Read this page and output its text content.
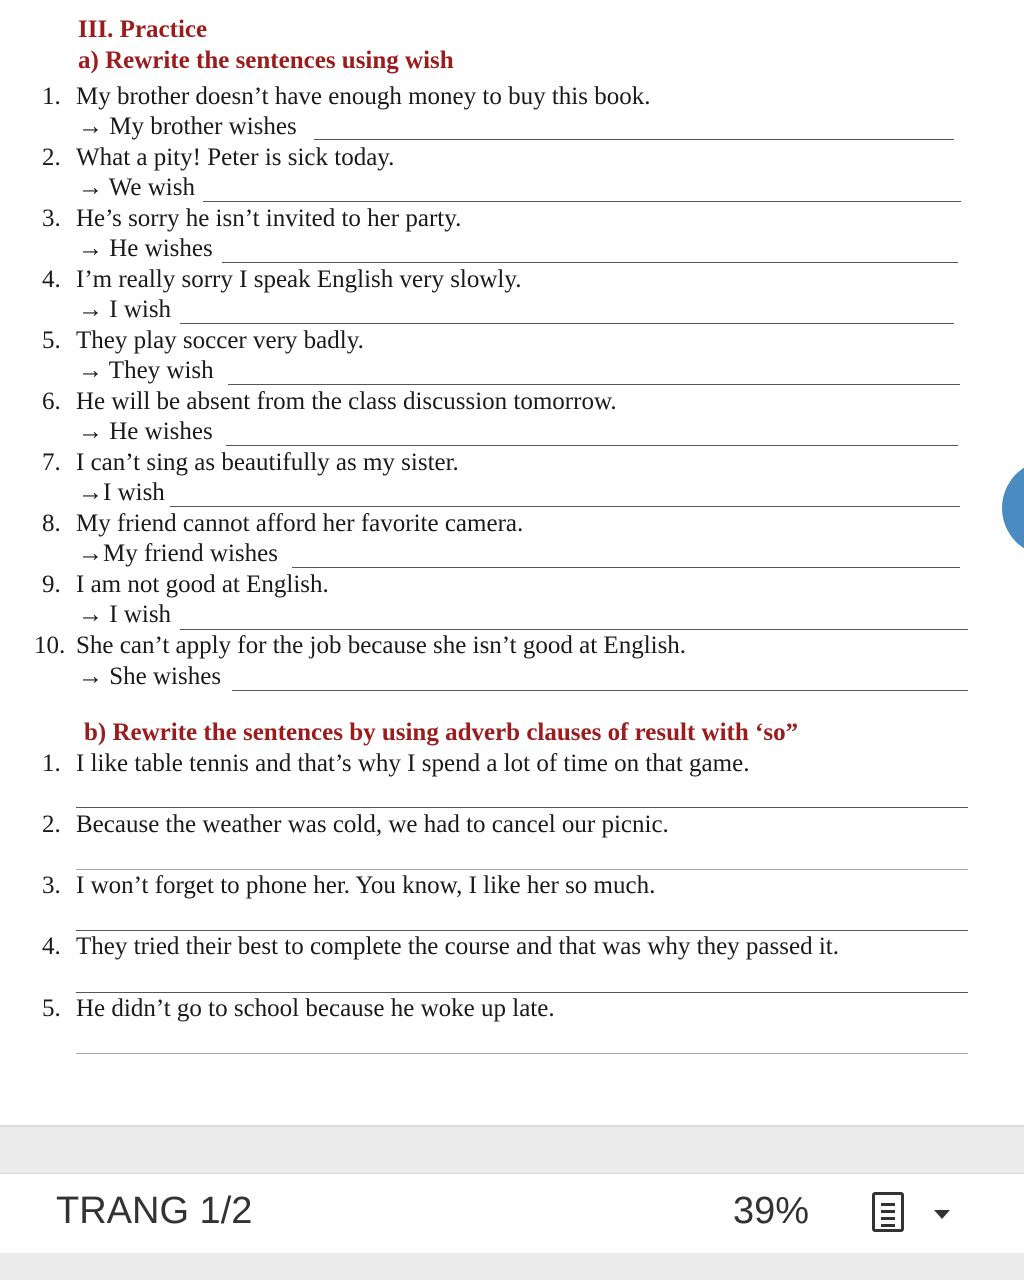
III. Practice
a) Rewrite the sentences using wish
1. My brother doesn’t have enough money to buy this book.
→ My brother wishes
2. What a pity! Peter is sick today.
→ We wish
3. He’s sorry he isn’t invited to her party.
→ He wishes
4. I’m really sorry I speak English very slowly.
→ I wish
5. They play soccer very badly.
→ They wish
6. He will be absent from the class discussion tomorrow.
→ He wishes
7. I can’t sing as beautifully as my sister.
→I wish
8. My friend cannot afford her favorite camera.
→My friend wishes
9. I am not good at English.
→ I wish
10. She can’t apply for the job because she isn’t good at English.
→ She wishes
b) Rewrite the sentences by using adverb clauses of result with ‘so”
1. I like table tennis and that’s why I spend a lot of time on that game.
2. Because the weather was cold, we had to cancel our picnic.
3. I won’t forget to phone her. You know, I like her so much.
4. They tried their best to complete the course and that was why they passed it.
5. He didn’t go to school because he woke up late.
TRANG 1/2	39%
